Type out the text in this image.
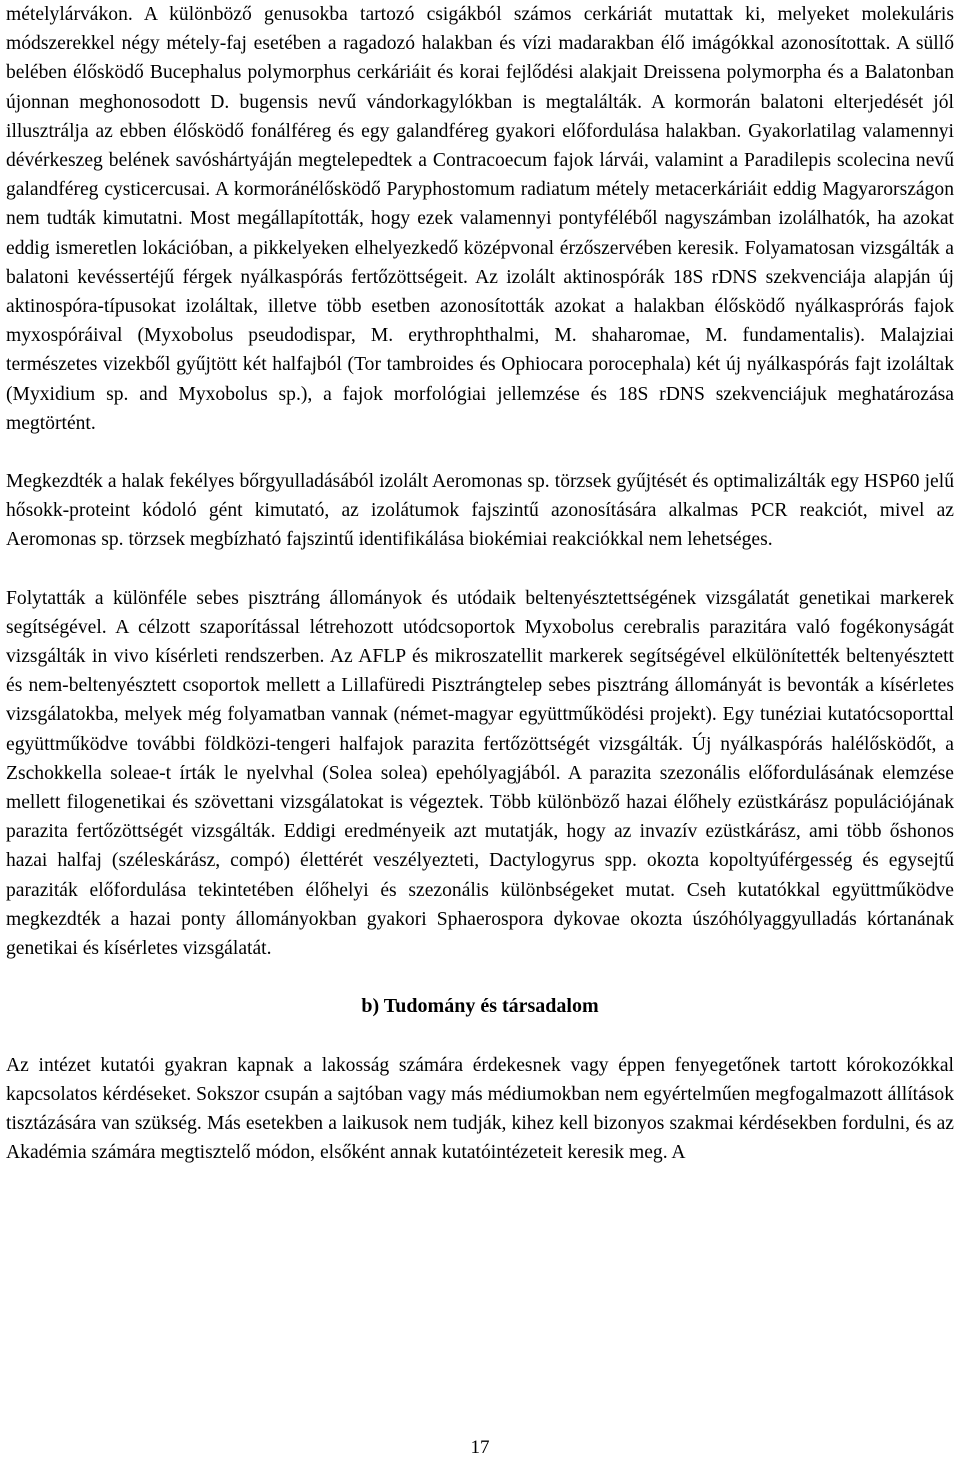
mételylárvákon. A különböző genusokba tartozó csigákból számos cerkáriát mutattak ki, melyeket molekuláris módszerekkel négy métely-faj esetében a ragadozó halakban és vízi madarakban élő imágókkal azonosítottak. A süllő belében élősködő Bucephalus polymorphus cerkáriáit és korai fejlődési alakjait Dreissena polymorpha és a Balatonban újonnan meghonosodott D. bugensis nevű vándorkagylókban is megtalálták. A kormorán balatoni elterjedését jól illusztrálja az ebben élősködő fonálféreg és egy galandféreg gyakori előfordulása halakban. Gyakorlatilag valamennyi dévérkeszeg belének savóshártyáján megtelepedtek a Contracoecum fajok lárvái, valamint a Paradilepis scolecina nevű galandféreg cysticercusai. A kormoránélősködő Paryphostomum radiatum métely metacerkáriáit eddig Magyarországon nem tudták kimutatni. Most megállapították, hogy ezek valamennyi pontyféléből nagyszámban izolálhatók, ha azokat eddig ismeretlen lokációban, a pikkelyeken elhelyezkedő középvonal érzőszervében keresik. Folyamatosan vizsgálták a balatoni kevéssertéjű férgek nyálkaspórás fertőzöttségeit. Az izolált aktinospórák 18S rDNS szekvenciája alapján új aktinospóra-típusokat izoláltak, illetve több esetben azonosították azokat a halakban élősködő nyálkasprórás fajok myxospóráival (Myxobolus pseudodispar, M. erythrophthalmi, M. shaharomae, M. fundamentalis). Malajziai természetes vizekből gyűjtött két halfajból (Tor tambroides és Ophiocara porocephala) két új nyálkaspórás fajt izoláltak (Myxidium sp. and Myxobolus sp.), a fajok morfológiai jellemzése és 18S rDNS szekvenciájuk meghatározása megtörtént.

Megkezdték a halak fekélyes bőrgyulladásából izolált Aeromonas sp. törzsek gyűjtését és optimalizálták egy HSP60 jelű hősokk-proteint kódoló gént kimutató, az izolátumok fajszintű azonosítására alkalmas PCR reakciót, mivel az Aeromonas sp. törzsek megbízható fajszintű identifikálása biokémiai reakciókkal nem lehetséges.

Folytatták a különféle sebes pisztráng állományok és utódaik beltenyésztettségének vizsgálatát genetikai markerek segítségével. A célzott szaporítással létrehozott utódcsoportok Myxobolus cerebralis parazitára való fogékonyságát vizsgálták in vivo kísérleti rendszerben. Az AFLP és mikroszatellit markerek segítségével elkülönítették beltenyésztett és nem-beltenyésztett csoportok mellett a Lillafüredi Pisztrángtelep sebes pisztráng állományát is bevonták a kísérletes vizsgálatokba, melyek még folyamatban vannak (német-magyar együttműködési projekt). Egy tunéziai kutatócsoporttal együttműködve további földközi-tengeri halfajok parazita fertőzöttségét vizsgálták. Új nyálkaspórás halélősködőt, a Zschokkella soleae-t írták le nyelvhal (Solea solea) epehólyagjából. A parazita szezonális előfordulásának elemzése mellett filogenetikai és szövettani vizsgálatokat is végeztek. Több különböző hazai élőhely ezüstkárász populációjának parazita fertőzöttségét vizsgálták. Eddigi eredményeik azt mutatják, hogy az invazív ezüstkárász, ami több őshonos hazai halfaj (széleskárász, compó) élettérét veszélyezteti, Dactylogyrus spp. okozta kopoltyúférgesség és egysejtű paraziták előfordulása tekintetében élőhelyi és szezonális különbségeket mutat. Cseh kutatókkal együttműködve megkezdték a hazai ponty állományokban gyakori Sphaerospora dykovae okozta úszóhólyaggyulladás kórtanának genetikai és kísérletes vizsgálatát.

b) Tudomány és társadalom

Az intézet kutatói gyakran kapnak a lakosság számára érdekesnek vagy éppen fenyegetőnek tartott kórokozókkal kapcsolatos kérdéseket. Sokszor csupán a sajtóban vagy más médiumokban nem egyértelműen megfogalmazott állítások tisztázására van szükség. Más esetekben a laikusok nem tudják, kihez kell bizonyos szakmai kérdésekben fordulni, és az Akadémia számára megtisztelő módon, elsőként annak kutatóintézeteit keresik meg. A

17
